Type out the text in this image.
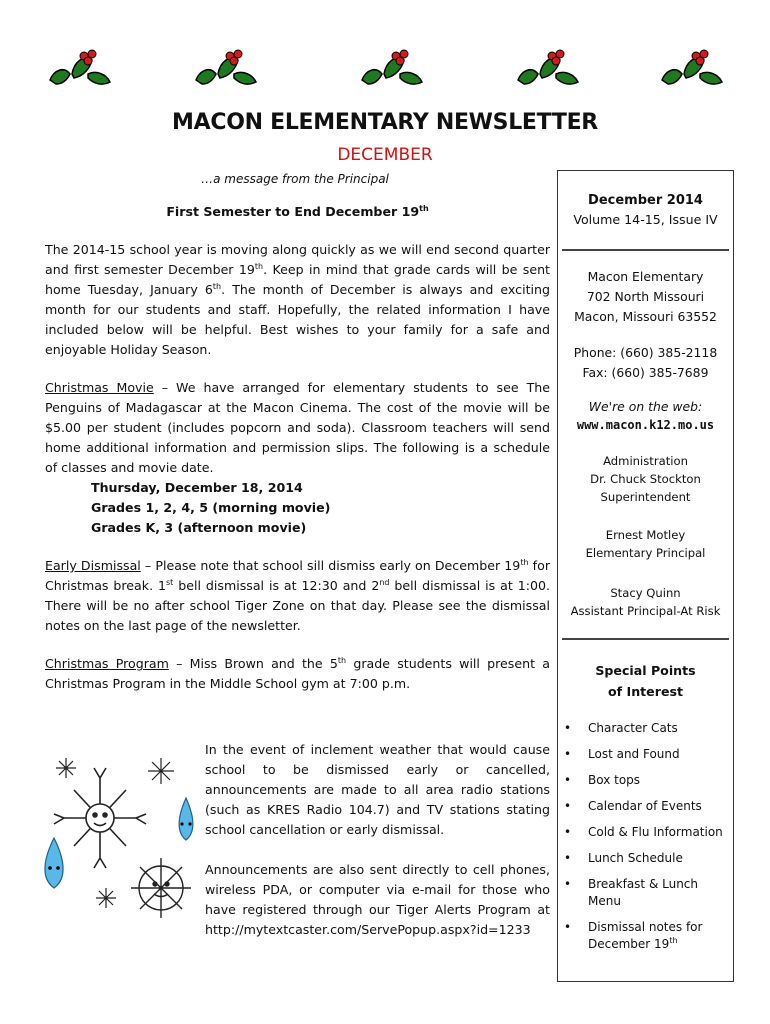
MACON ELEMENTARY NEWSLETTER
DECEMBER
…a message from the Principal
First Semester to End December 19th
The 2014-15 school year is moving along quickly as we will end second quarter and first semester December 19th. Keep in mind that grade cards will be sent home Tuesday, January 6th. The month of December is always and exciting month for our students and staff. Hopefully, the related information I have included below will be helpful. Best wishes to your family for a safe and enjoyable Holiday Season.
Christmas Movie – We have arranged for elementary students to see The Penguins of Madagascar at the Macon Cinema. The cost of the movie will be $5.00 per student (includes popcorn and soda). Classroom teachers will send home additional information and permission slips. The following is a schedule of classes and movie date.
Thursday, December 18, 2014
Grades 1, 2, 4, 5 (morning movie)
Grades K, 3 (afternoon movie)
Early Dismissal – Please note that school sill dismiss early on December 19th for Christmas break. 1st bell dismissal is at 12:30 and 2nd bell dismissal is at 1:00. There will be no after school Tiger Zone on that day. Please see the dismissal notes on the last page of the newsletter.
Christmas Program – Miss Brown and the 5th grade students will present a Christmas Program in the Middle School gym at 7:00 p.m.
In the event of inclement weather that would cause school to be dismissed early or cancelled, announcements are made to all area radio stations (such as KRES Radio 104.7) and TV stations stating school cancellation or early dismissal.
Announcements are also sent directly to cell phones, wireless PDA, or computer via e-mail for those who have registered through our Tiger Alerts Program at http://mytextcaster.com/ServePopup.aspx?id=1233
December 2014
Volume 14-15, Issue IV
Macon Elementary
702 North Missouri
Macon, Missouri 63552
Phone: (660) 385-2118
Fax: (660) 385-7689
We're on the web:
www.macon.k12.mo.us
Administration
Dr. Chuck Stockton
Superintendent
Ernest Motley
Elementary Principal
Stacy Quinn
Assistant Principal-At Risk
Special Points
of Interest
• Character Cats
• Lost and Found
• Box tops
• Calendar of Events
• Cold & Flu Information
• Lunch Schedule
• Breakfast & Lunch Menu
• Dismissal notes for December 19th
